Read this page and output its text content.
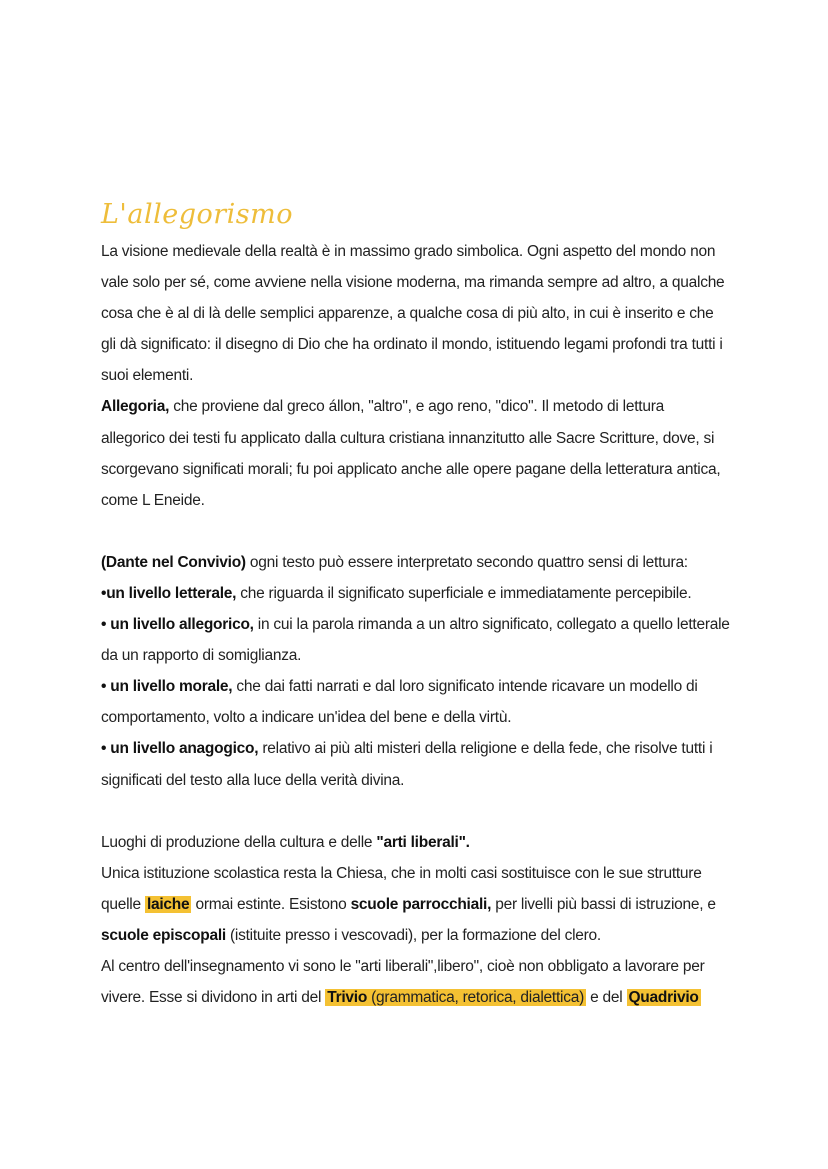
L'allegorismo

La visione medievale della realtà è in massimo grado simbolica. Ogni aspetto del mondo non vale solo per sé, come avviene nella visione moderna, ma rimanda sempre ad altro, a qualche cosa che è al di là delle semplici apparenze, a qualche cosa di più alto, in cui è inserito e che gli dà significato: il disegno di Dio che ha ordinato il mondo, istituendo legami profondi tra tutti i suoi elementi.

Allegoria, che proviene dal greco állon, "altro", e ago reno, "dico". Il metodo di lettura allegorico dei testi fu applicato dalla cultura cristiana innanzitutto alle Sacre Scritture, dove, si scorgevano significati morali; fu poi applicato anche alle opere pagane della letteratura antica, come L Eneide.

(Dante nel Convivio) ogni testo può essere interpretato secondo quattro sensi di lettura:

•un livello letterale, che riguarda il significato superficiale e immediatamente percepibile.

• un livello allegorico, in cui la parola rimanda a un altro significato, collegato a quello letterale da un rapporto di somiglianza.

• un livello morale, che dai fatti narrati e dal loro significato intende ricavare un modello di comportamento, volto a indicare un'idea del bene e della virtù.

• un livello anagogico, relativo ai più alti misteri della religione e della fede, che risolve tutti i significati del testo alla luce della verità divina.

Luoghi di produzione della cultura e delle "arti liberali".

Unica istituzione scolastica resta la Chiesa, che in molti casi sostituisce con le sue strutture quelle laiche ormai estinte. Esistono scuole parrocchiali, per livelli più bassi di istruzione, e scuole episcopali (istituite presso i vescovadi), per la formazione del clero.

Al centro dell'insegnamento vi sono le "arti liberali",libero", cioè non obbligato a lavorare per vivere. Esse si dividono in arti del Trivio (grammatica, retorica, dialettica) e del Quadrivio
